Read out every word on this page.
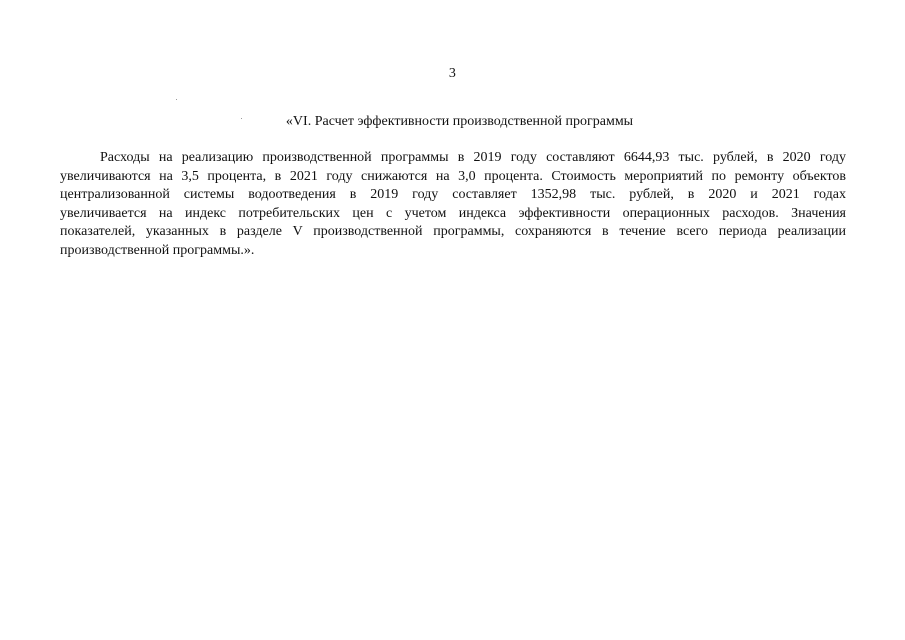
3
«VI. Расчет эффективности производственной программы
Расходы на реализацию производственной программы в 2019 году составляют 6644,93 тыс. рублей, в 2020 году
увеличиваются на 3,5 процента, в 2021 году снижаются на 3,0 процента. Стоимость мероприятий по ремонту объектов
централизованной системы водоотведения в 2019 году составляет 1352,98 тыс. рублей, в 2020 и 2021 годах
увеличивается на индекс потребительских цен с учетом индекса эффективности операционных расходов. Значения
показателей, указанных в разделе V производственной программы, сохраняются в течение всего периода реализации
производственной программы.».
